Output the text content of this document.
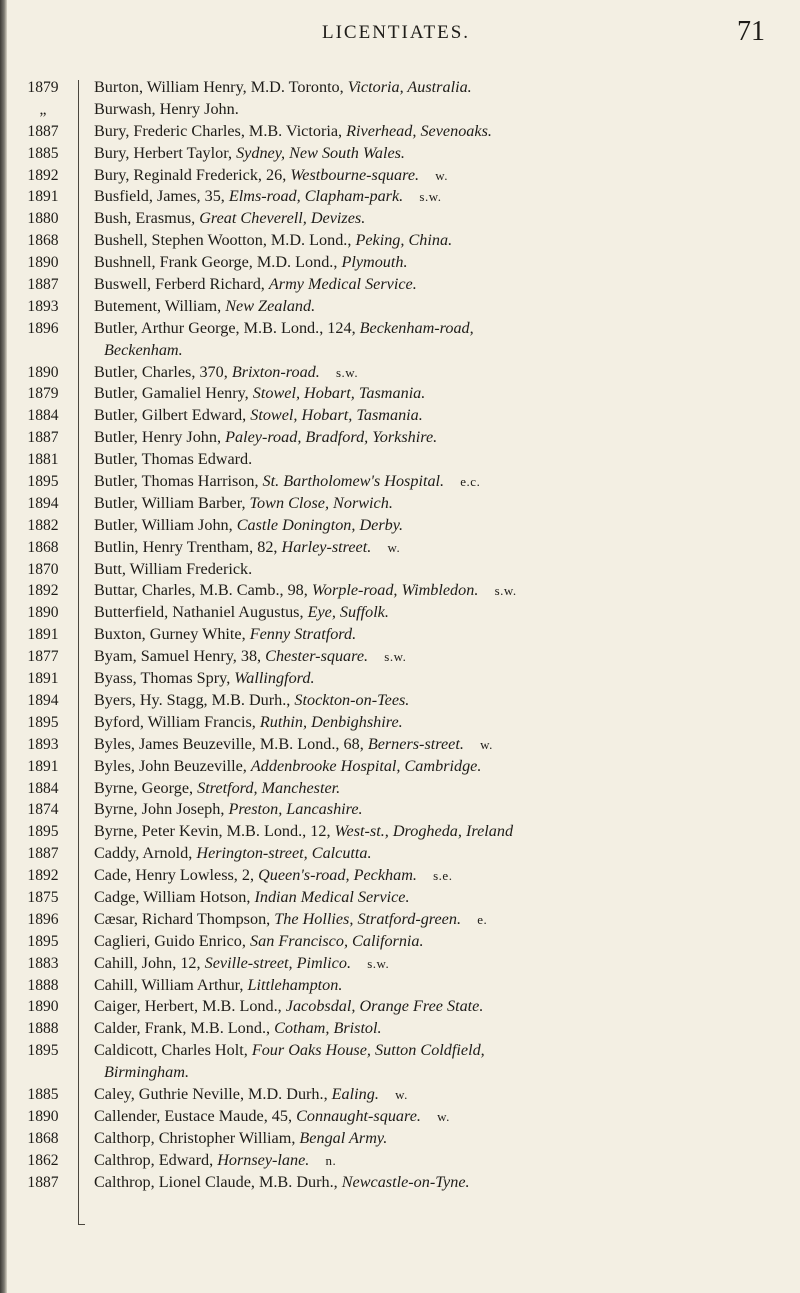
LICENTIATES.	71
1879
„
1887
1885
1892
1891
1880
1868
1890
1887
1893
1896
1890
1879
1884
1887
1881
1895
1894
1882
1868
1870
1892
1890
1891
1877
1891
1894
1895
1893
1891
1884
1874
1895
1887
1892
1875
1896
1895
1883
1888
1890
1888
1895
1885
1890
1868
1862
1887
Burton, William Henry, M.D. Toronto, Victoria, Australia.
Burwash, Henry John.
Bury, Frederic Charles, M.B. Victoria, Riverhead, Sevenoaks.
Bury, Herbert Taylor, Sydney, New South Wales.
Bury, Reginald Frederick, 26, Westbourne-square.  w.
Busfield, James, 35, Elms-road, Clapham-park.  s.w.
Bush, Erasmus, Great Cheverell, Devizes.
Bushell, Stephen Wootton, M.D. Lond., Peking, China.
Bushnell, Frank George, M.D. Lond., Plymouth.
Buswell, Ferberd Richard, Army Medical Service.
Butement, William, New Zealand.
Butler, Arthur George, M.B. Lond., 124, Beckenham-road,
Beckenham.
Butler, Charles, 370, Brixton-road.  s.w.
Butler, Gamaliel Henry, Stowel, Hobart, Tasmania.
Butler, Gilbert Edward, Stowel, Hobart, Tasmania.
Butler, Henry John, Paley-road, Bradford, Yorkshire.
Butler, Thomas Edward.
Butler, Thomas Harrison, St. Bartholomew's Hospital.  e.c.
Butler, William Barber, Town Close, Norwich.
Butler, William John, Castle Donington, Derby.
Butlin, Henry Trentham, 82, Harley-street.  w.
Butt, William Frederick.
Buttar, Charles, M.B. Camb., 98, Worple-road, Wimbledon.  s.w.
Butterfield, Nathaniel Augustus, Eye, Suffolk.
Buxton, Gurney White, Fenny Stratford.
Byam, Samuel Henry, 38, Chester-square.  s.w.
Byass, Thomas Spry, Wallingford.
Byers, Hy. Stagg, M.B. Durh., Stockton-on-Tees.
Byford, William Francis, Ruthin, Denbighshire.
Byles, James Beuzeville, M.B. Lond., 68, Berners-street.  w.
Byles, John Beuzeville, Addenbrooke Hospital, Cambridge.
Byrne, George, Stretford, Manchester.
Byrne, John Joseph, Preston, Lancashire.
Byrne, Peter Kevin, M.B. Lond., 12, West-st., Drogheda, Ireland
Caddy, Arnold, Herington-street, Calcutta.
Cade, Henry Lowless, 2, Queen's-road, Peckham.  s.e.
Cadge, William Hotson, Indian Medical Service.
Cæsar, Richard Thompson, The Hollies, Stratford-green.  e.
Caglieri, Guido Enrico, San Francisco, California.
Cahill, John, 12, Seville-street, Pimlico.  s.w.
Cahill, William Arthur, Littlehampton.
Caiger, Herbert, M.B. Lond., Jacobsdal, Orange Free State.
Calder, Frank, M.B. Lond., Cotham, Bristol.
Caldicott, Charles Holt, Four Oaks House, Sutton Coldfield,
Birmingham.
Caley, Guthrie Neville, M.D. Durh., Ealing.  w.
Callender, Eustace Maude, 45, Connaught-square.  w.
Calthorp, Christopher William, Bengal Army.
Calthrop, Edward, Hornsey-lane.  n.
Calthrop, Lionel Claude, M.B. Durh., Newcastle-on-Tyne.
